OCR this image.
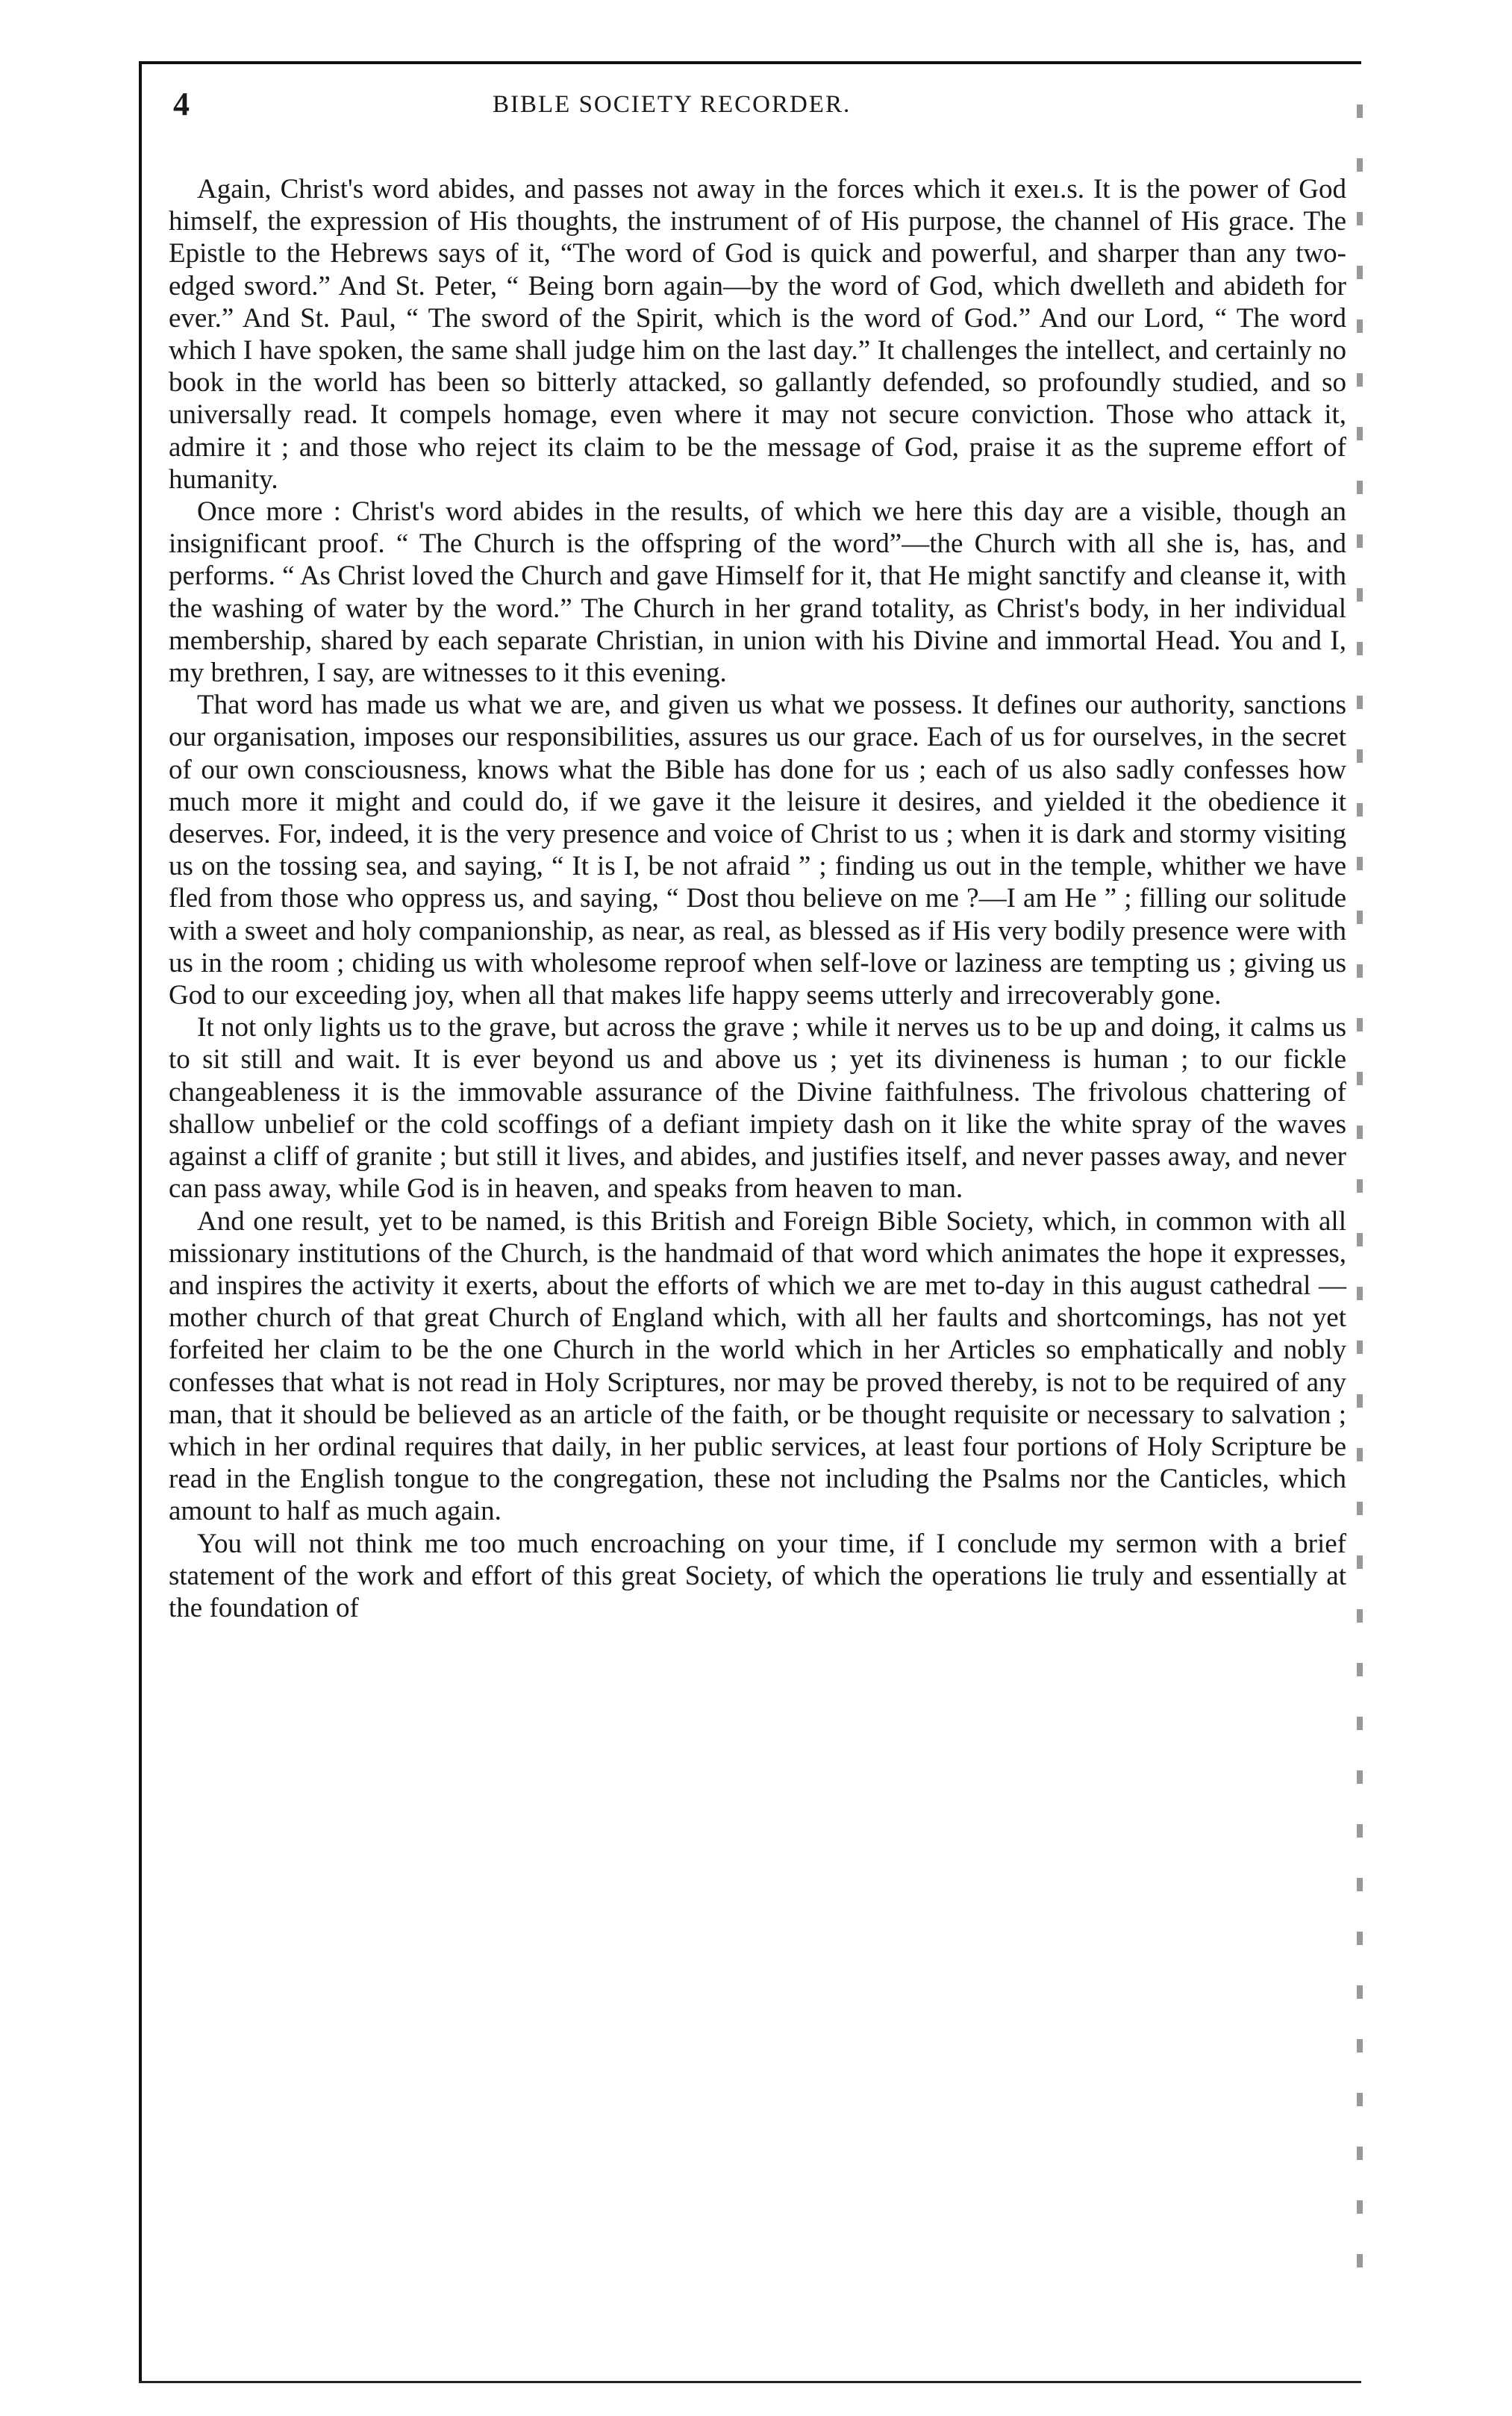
4	BIBLE SOCIETY RECORDER.

Again, Christ's word abides, and passes not away in the forces which it exeı.s. It is the power of God himself, the expression of His thoughts, the instrument of of His purpose, the channel of His grace. The Epistle to the Hebrews says of it, “The word of God is quick and powerful, and sharper than any two-edged sword.” And St. Peter, “ Being born again—by the word of God, which dwelleth and abideth for ever.” And St. Paul, “ The sword of the Spirit, which is the word of God.” And our Lord, “ The word which I have spoken, the same shall judge him on the last day.” It challenges the intellect, and certainly no book in the world has been so bitterly attacked, so gallantly defended, so profoundly studied, and so universally read. It compels homage, even where it may not secure conviction. Those who attack it, admire it ; and those who reject its claim to be the message of God, praise it as the supreme effort of humanity.

Once more : Christ's word abides in the results, of which we here this day are a visible, though an insignificant proof. “ The Church is the offspring of the word”—the Church with all she is, has, and performs. “ As Christ loved the Church and gave Himself for it, that He might sanctify and cleanse it, with the washing of water by the word.” The Church in her grand totality, as Christ's body, in her individual membership, shared by each separate Christian, in union with his Divine and immortal Head. You and I, my brethren, I say, are witnesses to it this evening.

That word has made us what we are, and given us what we possess. It defines our authority, sanctions our organisation, imposes our responsibilities, assures us our grace. Each of us for ourselves, in the secret of our own consciousness, knows what the Bible has done for us ; each of us also sadly confesses how much more it might and could do, if we gave it the leisure it desires, and yielded it the obedience it deserves. For, indeed, it is the very presence and voice of Christ to us ; when it is dark and stormy visiting us on the tossing sea, and saying, “ It is I, be not afraid ” ; finding us out in the temple, whither we have fled from those who oppress us, and saying, “ Dost thou believe on me ?—I am He ” ; filling our solitude with a sweet and holy companionship, as near, as real, as blessed as if His very bodily presence were with us in the room ; chiding us with wholesome reproof when self-love or laziness are tempting us ; giving us God to our exceeding joy, when all that makes life happy seems utterly and irrecoverably gone.

It not only lights us to the grave, but across the grave ; while it nerves us to be up and doing, it calms us to sit still and wait. It is ever beyond us and above us ; yet its divineness is human ; to our fickle changeableness it is the immovable assurance of the Divine faithfulness. The frivolous chattering of shallow unbelief or the cold scoffings of a defiant impiety dash on it like the white spray of the waves against a cliff of granite ; but still it lives, and abides, and justifies itself, and never passes away, and never can pass away, while God is in heaven, and speaks from heaven to man.

And one result, yet to be named, is this British and Foreign Bible Society, which, in common with all missionary institutions of the Church, is the handmaid of that word which animates the hope it expresses, and inspires the activity it exerts, about the efforts of which we are met to-day in this august cathedral —mother church of that great Church of England which, with all her faults and shortcomings, has not yet forfeited her claim to be the one Church in the world which in her Articles so emphatically and nobly confesses that what is not read in Holy Scriptures, nor may be proved thereby, is not to be required of any man, that it should be believed as an article of the faith, or be thought requisite or necessary to salvation ; which in her ordinal requires that daily, in her public services, at least four portions of Holy Scripture be read in the English tongue to the congregation, these not including the Psalms nor the Canticles, which amount to half as much again.

You will not think me too much encroaching on your time, if I conclude my sermon with a brief statement of the work and effort of this great Society, of which the operations lie truly and essentially at the foundation of
